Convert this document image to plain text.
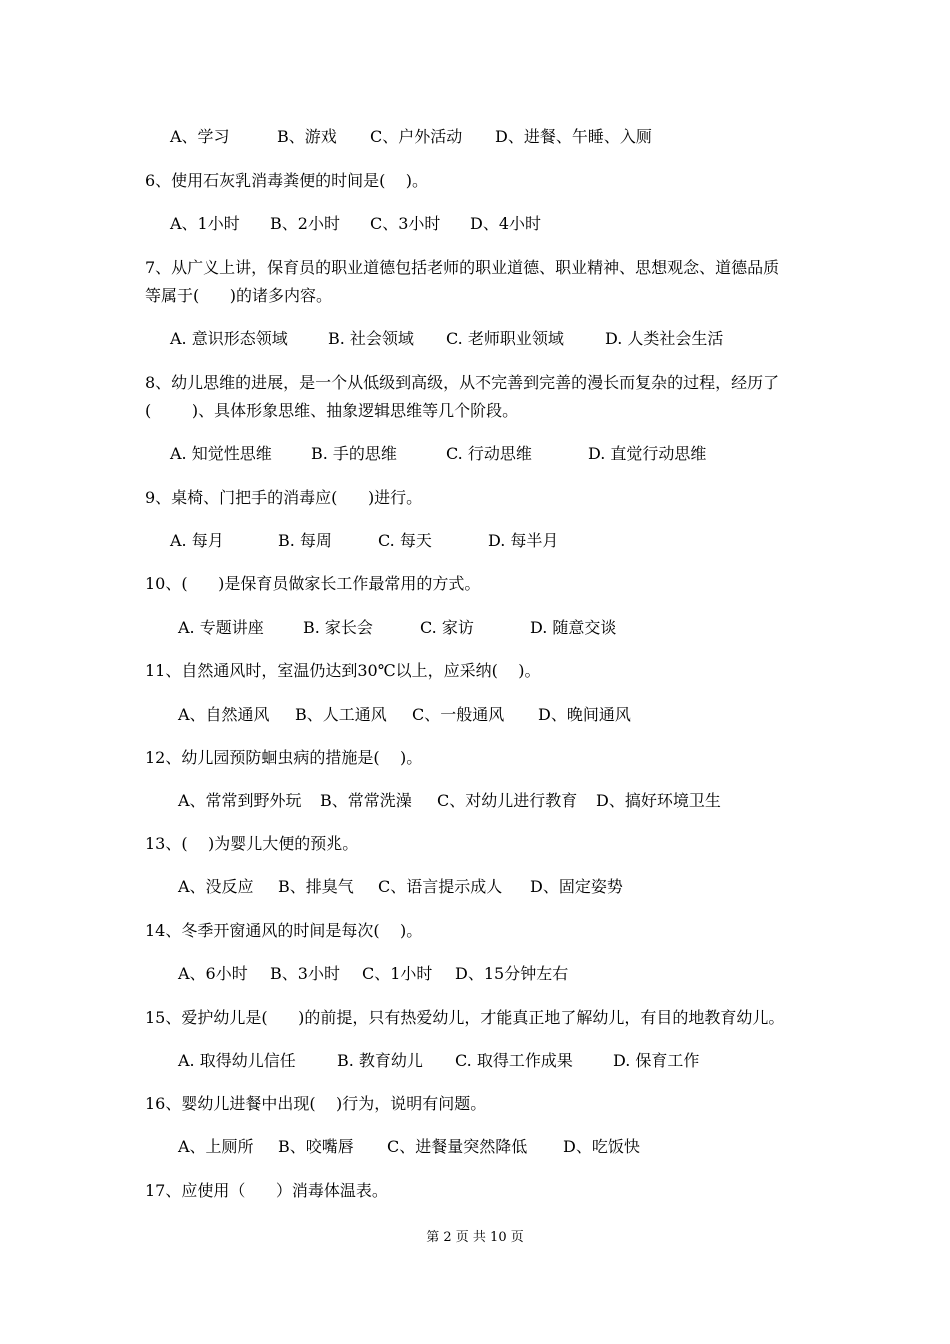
A、学习	B、游戏 C、户外活动 D、进餐、午睡、入厕
6、使用石灰乳消毒粪便的时间是(    )。
A、1小时 B、2小时 C、3小时 D、4小时
7、从广义上讲，保育员的职业道德包括老师的职业道德、职业精神、思想观念、道德品质
等属于(      )的诸多内容。
A. 意识形态领域	B. 社会领域 C. 老师职业领域	D. 人类社会生活
8、幼儿思维的进展，是一个从低级到高级，从不完善到完善的漫长而复杂的过程，经历了
(        )、具体形象思维、抽象逻辑思维等几个阶段。
A. 知觉性思维 B. 手的思维	C. 行动思维	D. 直觉行动思维
9、桌椅、门把手的消毒应(      )进行。
A. 每月	B. 每周	C. 每天	D. 每半月
10、(      )是保育员做家长工作最常用的方式。
A. 专题讲座 B. 家长会	C. 家访	D. 随意交谈
11、自然通风时，室温仍达到30℃以上，应采纳(    )。
A、自然通风 B、人工通风 C、一般通风 D、晚间通风
12、幼儿园预防蛔虫病的措施是(    )。
A、常常到野外玩 B、常常洗澡 C、对幼儿进行教育 D、搞好环境卫生
13、(    )为婴儿大便的预兆。
A、没反应 B、排臭气 C、语言提示成人 D、固定姿势
14、冬季开窗通风的时间是每次(    )。
A、6小时 B、3小时 C、1小时 D、15分钟左右
15、爱护幼儿是(      )的前提，只有热爱幼儿，才能真正地了解幼儿，有目的地教育幼儿。
A. 取得幼儿信任	B. 教育幼儿 C. 取得工作成果	D. 保育工作
16、婴幼儿进餐中出现(    )行为，说明有问题。
A、上厕所 B、咬嘴唇 C、进餐量突然降低 D、吃饭快
17、应使用（      ）消毒体温表。
第 2 页 共 10 页
